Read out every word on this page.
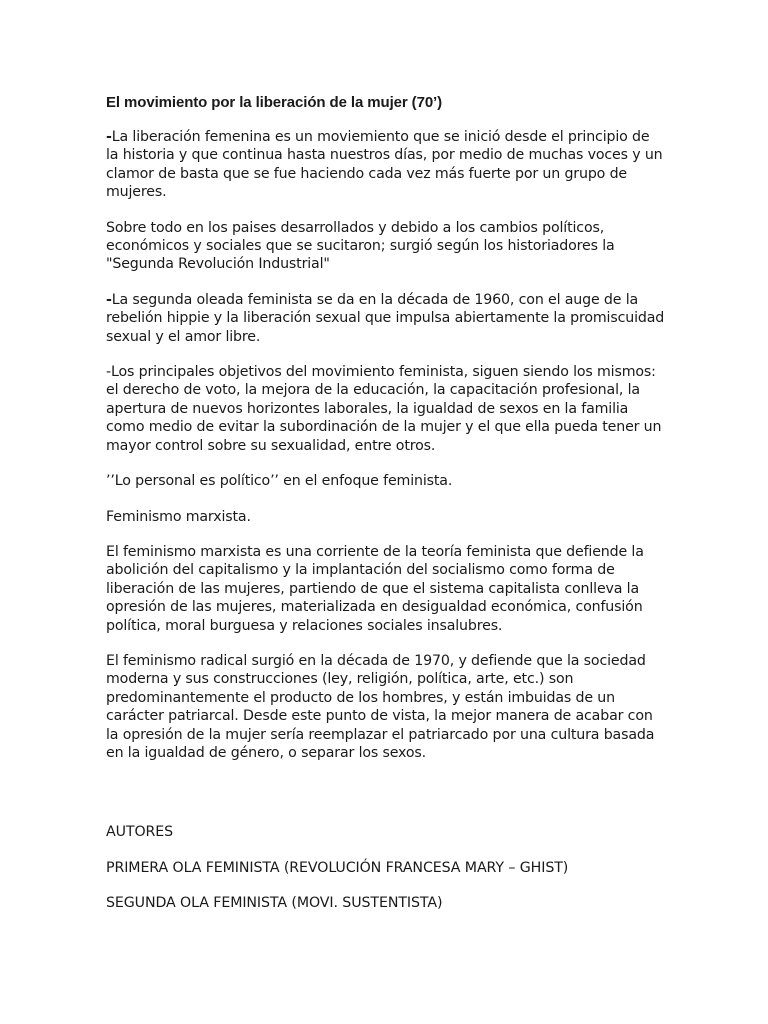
El movimiento por la liberación de la mujer (70’)

-La liberación femenina es un moviemiento que se inició desde el principio de la historia y que continua hasta nuestros días, por medio de muchas voces y un clamor de basta que se fue haciendo cada vez más fuerte por un grupo de mujeres.

Sobre todo en los paises desarrollados y debido a los cambios políticos, económicos y sociales que se sucitaron; surgió según los historiadores la "Segunda Revolución Industrial"

-La segunda oleada feminista se da en la década de 1960, con el auge de la rebelión hippie y la liberación sexual que impulsa abiertamente la promiscuidad sexual y el amor libre.

-Los principales objetivos del movimiento feminista, siguen siendo los mismos: el derecho de voto, la mejora de la educación, la capacitación profesional, la apertura de nuevos horizontes laborales, la igualdad de sexos en la familia como medio de evitar la subordinación de la mujer y el que ella pueda tener un mayor control sobre su sexualidad, entre otros.

’’Lo personal es político’’ en el enfoque feminista.

Feminismo marxista.

El feminismo marxista es una corriente de la teoría feminista que defiende la abolición del capitalismo y la implantación del socialismo como forma de liberación de las mujeres, partiendo de que el sistema capitalista conlleva la opresión de las mujeres, materializada en desigualdad económica, confusión política, moral burguesa y relaciones sociales insalubres.

El feminismo radical surgió en la década de 1970, y defiende que la sociedad moderna y sus construcciones (ley, religión, política, arte, etc.) son predominantemente el producto de los hombres, y están imbuidas de un carácter patriarcal. Desde este punto de vista, la mejor manera de acabar con la opresión de la mujer sería reemplazar el patriarcado por una cultura basada en la igualdad de género, o separar los sexos.

AUTORES

PRIMERA OLA FEMINISTA (REVOLUCIÓN FRANCESA MARY – GHIST)

SEGUNDA OLA FEMINISTA (MOVI. SUSTENTISTA)
